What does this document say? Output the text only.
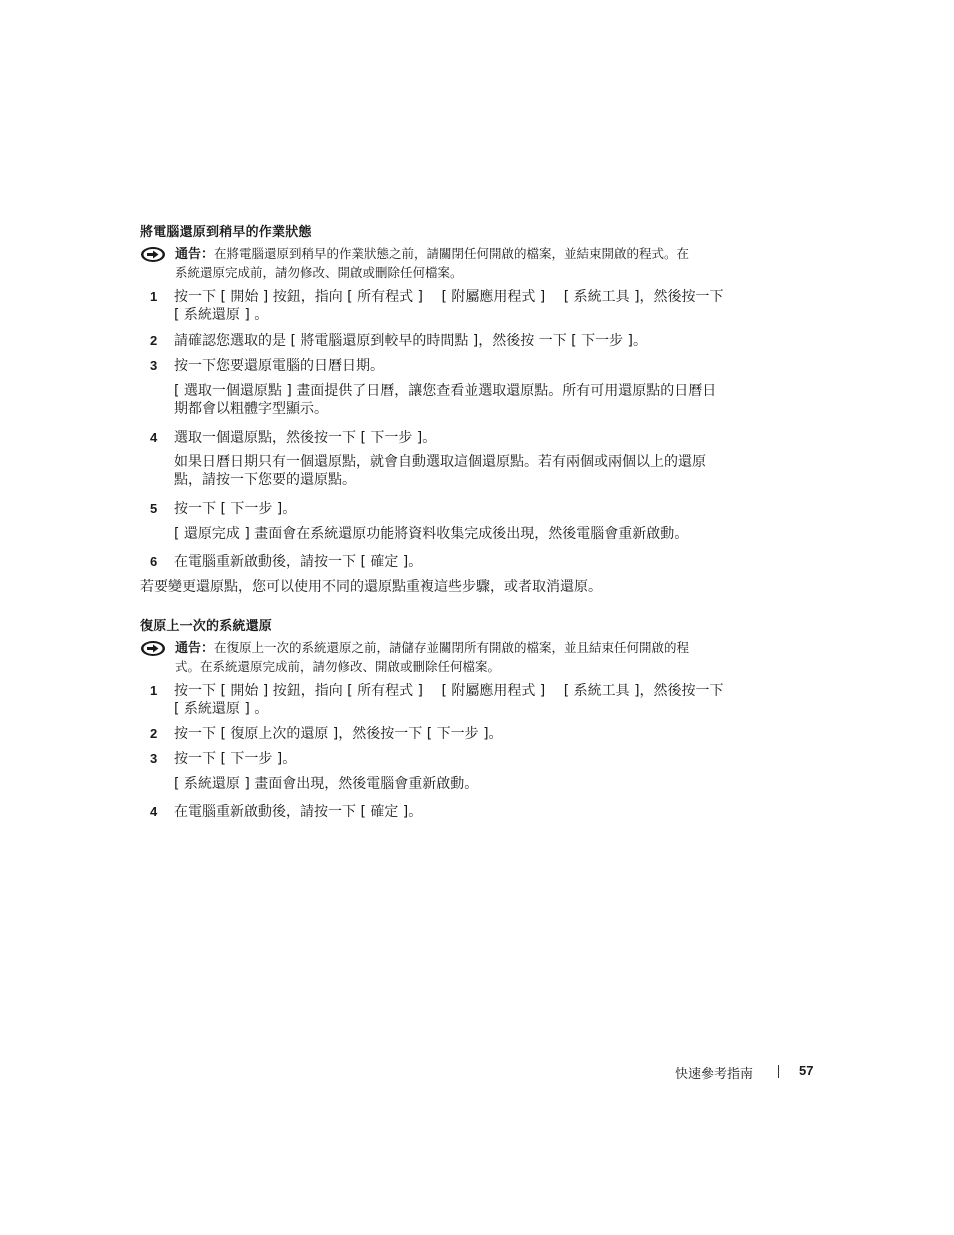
將電腦還原到稍早的作業狀態
通告：在將電腦還原到稍早的作業狀態之前，請關閉任何開啟的檔案，並結束開啟的程式。在
系統還原完成前，請勿修改、開啟或刪除任何檔案。
1 按一下 [ 開始 ] 按鈕，指向 [ 所有程式 ]　 [ 附屬應用程式 ]　 [ 系統工具 ]，然後按一下
[ 系統還原 ] 。
2 請確認您選取的是 [ 將電腦還原到較早的時間點 ]，然後按 一下 [ 下一步 ]。
3 按一下您要還原電腦的日曆日期。
[ 選取一個還原點 ] 畫面提供了日曆，讓您查看並選取還原點。所有可用還原點的日曆日
期都會以粗體字型顯示。
4 選取一個還原點，然後按一下 [ 下一步 ]。
如果日曆日期只有一個還原點，就會自動選取這個還原點。若有兩個或兩個以上的還原
點，請按一下您要的還原點。
5 按一下 [ 下一步 ]。
[ 還原完成 ] 畫面會在系統還原功能將資料收集完成後出現，然後電腦會重新啟動。
6 在電腦重新啟動後，請按一下 [ 確定 ]。
若要變更還原點，您可以使用不同的還原點重複這些步驟，或者取消還原。
復原上一次的系統還原
通告：在復原上一次的系統還原之前，請儲存並關閉所有開啟的檔案，並且結束任何開啟的程
式。在系統還原完成前，請勿修改、開啟或刪除任何檔案。
1 按一下 [ 開始 ] 按鈕，指向 [ 所有程式 ]　 [ 附屬應用程式 ]　 [ 系統工具 ]，然後按一下
[ 系統還原 ] 。
2 按一下 [ 復原上次的還原 ]，然後按一下 [ 下一步 ]。
3 按一下 [ 下一步 ]。
[ 系統還原 ] 畫面會出現，然後電腦會重新啟動。
4 在電腦重新啟動後，請按一下 [ 確定 ]。
快速參考指南	57
